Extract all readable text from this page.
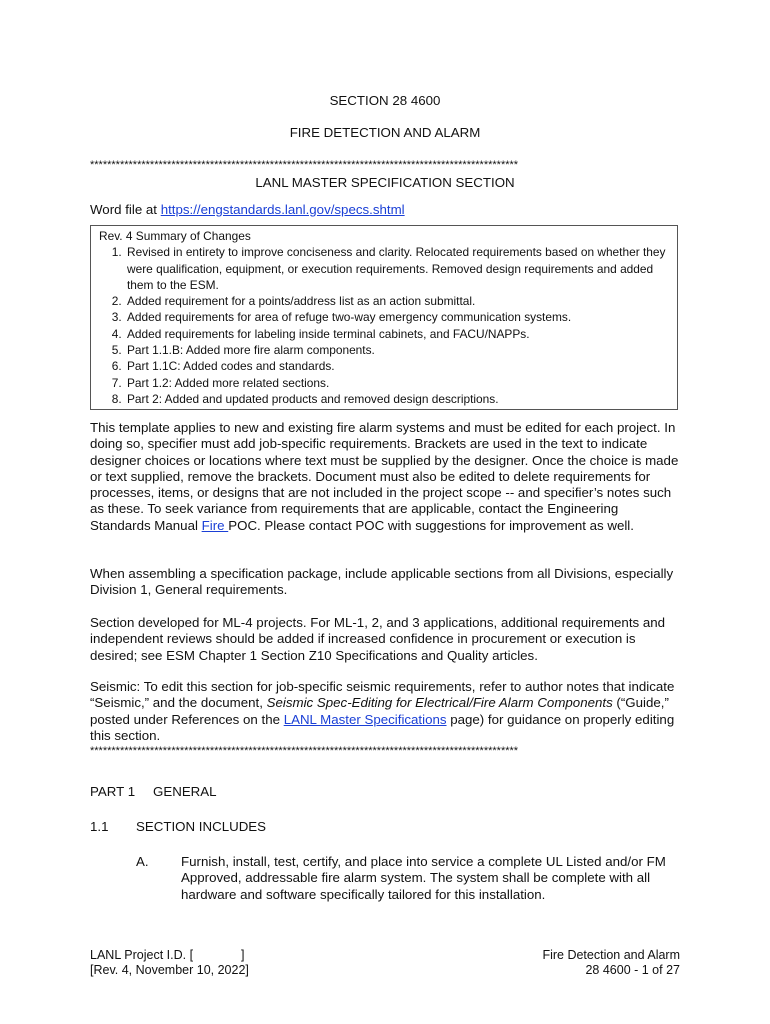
SECTION 28 4600
FIRE DETECTION AND ALARM
****************************************************************************************************
LANL MASTER SPECIFICATION SECTION
Word file at https://engstandards.lanl.gov/specs.shtml
Rev. 4 Summary of Changes
1. Revised in entirety to improve conciseness and clarity. Relocated requirements based on whether they were qualification, equipment, or execution requirements. Removed design requirements and added them to the ESM.
2. Added requirement for a points/address list as an action submittal.
3. Added requirements for area of refuge two-way emergency communication systems.
4. Added requirements for labeling inside terminal cabinets, and FACU/NAPPs.
5. Part 1.1.B: Added more fire alarm components.
6. Part 1.1C: Added codes and standards.
7. Part 1.2: Added more related sections.
8. Part 2: Added and updated products and removed design descriptions.
This template applies to new and existing fire alarm systems and must be edited for each project. In doing so, specifier must add job-specific requirements. Brackets are used in the text to indicate designer choices or locations where text must be supplied by the designer. Once the choice is made or text supplied, remove the brackets. Document must also be edited to delete requirements for processes, items, or designs that are not included in the project scope -- and specifier’s notes such as these. To seek variance from requirements that are applicable, contact the Engineering Standards Manual Fire POC. Please contact POC with suggestions for improvement as well.
When assembling a specification package, include applicable sections from all Divisions, especially Division 1, General requirements.
Section developed for ML-4 projects. For ML-1, 2, and 3 applications, additional requirements and independent reviews should be added if increased confidence in procurement or execution is desired; see ESM Chapter 1 Section Z10 Specifications and Quality articles.
Seismic: To edit this section for job-specific seismic requirements, refer to author notes that indicate “Seismic,” and the document, Seismic Spec-Editing for Electrical/Fire Alarm Components (“Guide,” posted under References on the LANL Master Specifications page) for guidance on properly editing this section.
****************************************************************************************************
PART 1 GENERAL
1.1 SECTION INCLUDES
A. Furnish, install, test, certify, and place into service a complete UL Listed and/or FM Approved, addressable fire alarm system. The system shall be complete with all hardware and software specifically tailored for this installation.
LANL Project I.D. [	]
[Rev. 4, November 10, 2022]
Fire Detection and Alarm
28 4600 - 1 of 27
